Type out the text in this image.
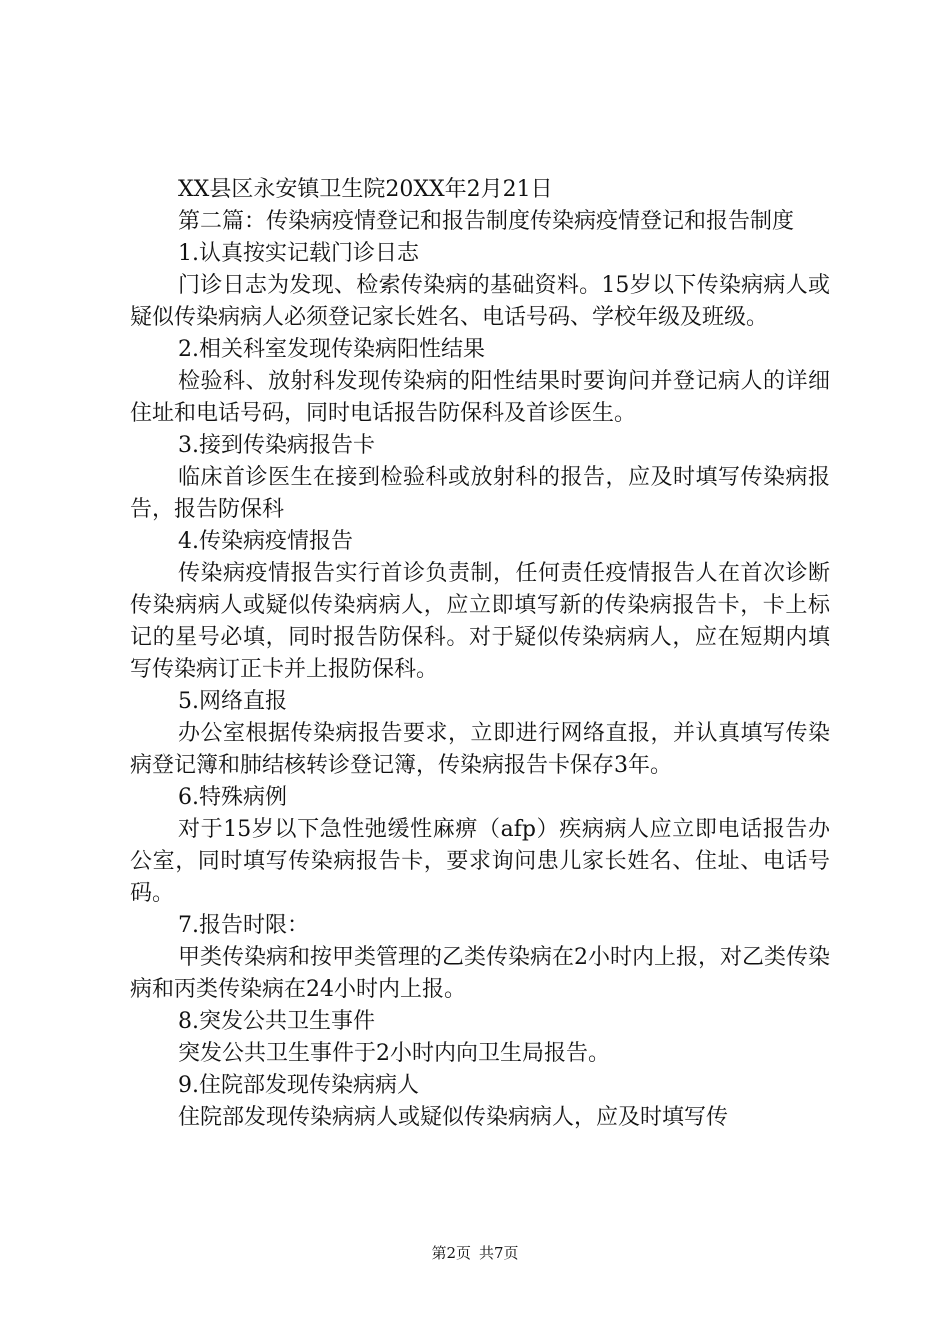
XX县区永安镇卫生院20XX年2月21日

第二篇：传染病疫情登记和报告制度传染病疫情登记和报告制度

1.认真按实记载门诊日志

门诊日志为发现、检索传染病的基础资料。15岁以下传染病病人或疑似传染病病人必须登记家长姓名、电话号码、学校年级及班级。

2.相关科室发现传染病阳性结果

检验科、放射科发现传染病的阳性结果时要询问并登记病人的详细住址和电话号码，同时电话报告防保科及首诊医生。

3.接到传染病报告卡

临床首诊医生在接到检验科或放射科的报告，应及时填写传染病报告，报告防保科

4.传染病疫情报告

传染病疫情报告实行首诊负责制，任何责任疫情报告人在首次诊断传染病病人或疑似传染病病人，应立即填写新的传染病报告卡，卡上标记的星号必填，同时报告防保科。对于疑似传染病病人，应在短期内填写传染病订正卡并上报防保科。

5.网络直报

办公室根据传染病报告要求，立即进行网络直报，并认真填写传染病登记簿和肺结核转诊登记簿，传染病报告卡保存3年。

6.特殊病例

对于15岁以下急性弛缓性麻痹（afp）疾病病人应立即电话报告办公室，同时填写传染病报告卡，要求询问患儿家长姓名、住址、电话号码。

7.报告时限：

甲类传染病和按甲类管理的乙类传染病在2小时内上报，对乙类传染病和丙类传染病在24小时内上报。

8.突发公共卫生事件

突发公共卫生事件于2小时内向卫生局报告。

9.住院部发现传染病病人

住院部发现传染病病人或疑似传染病病人，应及时填写传

第2页 共7页
